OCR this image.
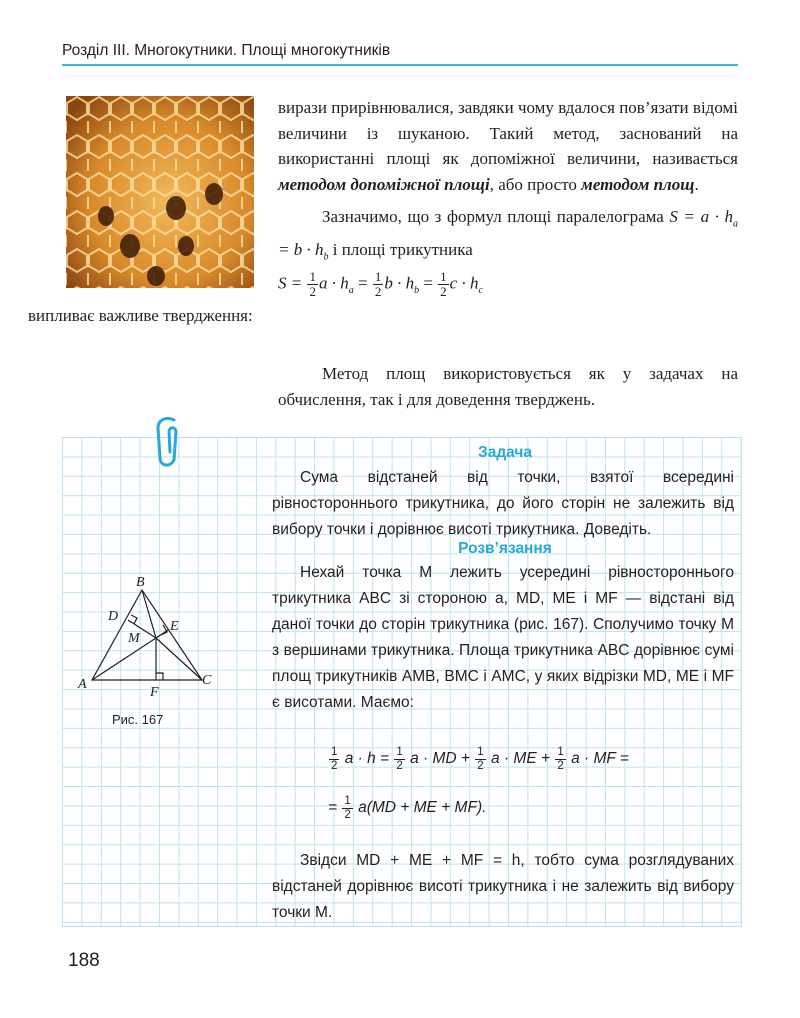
Розділ ІІІ. Многокутники. Площі многокутників
вирази прирівнювалися, завдяки чому вдалося пов’язати відомі величини із шуканою. Такий метод, заснований на використанні площі як допоміжної величини, називається методом допоміжної площі, або просто методом площ.
Зазначимо, що з формул площі паралелограма $S = a \cdot h_a = b \cdot h_b$ і площі трикутника
$S = \frac{1}{2}$ $a \cdot h_a = \frac{1}{2}$ $b \cdot h_b = \frac{1}{2}$ $c \cdot h_c$
випливає важливе твердження:
Метод площ використовується як у задачах на обчислення, так і для доведення тверджень.
Задача
Сума відстаней від точки, взятої всередині рівностороннього трикутника, до його сторін не залежить від вибору точки і дорівнює висоті трикутника. Доведіть.
Розв’язання
Нехай точка M лежить усередині рівностороннього трикутника ABC зі стороною a, MD, ME і MF — відстані від даної точки до сторін трикутника (рис. 167). Сполучимо точку M з вершинами трикутника. Площа трикутника ABC дорівнює сумі площ трикутників AMB, BMC і AMC, у яких відрізки MD, ME і MF є висотами. Маємо:
$\frac{1}{2}$ $a \cdot h = \frac{1}{2}$ a · MD + $\frac{1}{2}$ a · ME + $\frac{1}{2}$ a · MF =
= $\frac{1}{2} a(MD$ + ME + MF).
Звідси MD + ME + MF = h, тобто сума розглядуваних відстаней дорівнює висоті трикутника і не залежить від вибору точки M.
B
D
E
M
A
F
C
Рис. 167
188
